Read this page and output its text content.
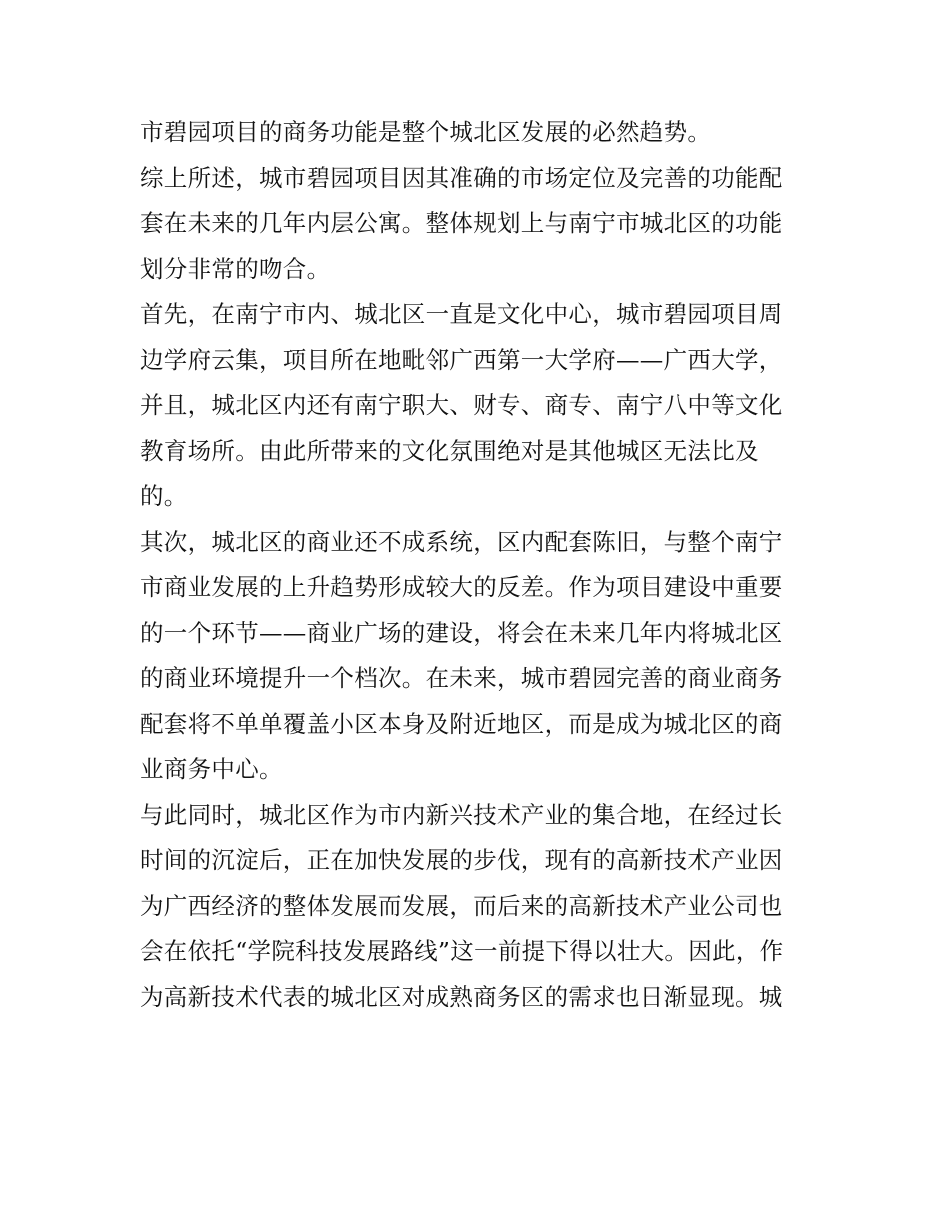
市碧园项目的商务功能是整个城北区发展的必然趋势。
综上所述，城市碧园项目因其准确的市场定位及完善的功能配
套在未来的几年内层公寓。整体规划上与南宁市城北区的功能
划分非常的吻合。
首先，在南宁市内、城北区一直是文化中心，城市碧园项目周
边学府云集，项目所在地毗邻广西第一大学府——广西大学，
并且，城北区内还有南宁职大、财专、商专、南宁八中等文化
教育场所。由此所带来的文化氛围绝对是其他城区无法比及
的。
其次，城北区的商业还不成系统，区内配套陈旧，与整个南宁
市商业发展的上升趋势形成较大的反差。作为项目建设中重要
的一个环节——商业广场的建设，将会在未来几年内将城北区
的商业环境提升一个档次。在未来，城市碧园完善的商业商务
配套将不单单覆盖小区本身及附近地区，而是成为城北区的商
业商务中心。
与此同时，城北区作为市内新兴技术产业的集合地，在经过长
时间的沉淀后，正在加快发展的步伐，现有的高新技术产业因
为广西经济的整体发展而发展，而后来的高新技术产业公司也
会在依托“学院科技发展路线”这一前提下得以壮大。因此，作
为高新技术代表的城北区对成熟商务区的需求也日渐显现。城
